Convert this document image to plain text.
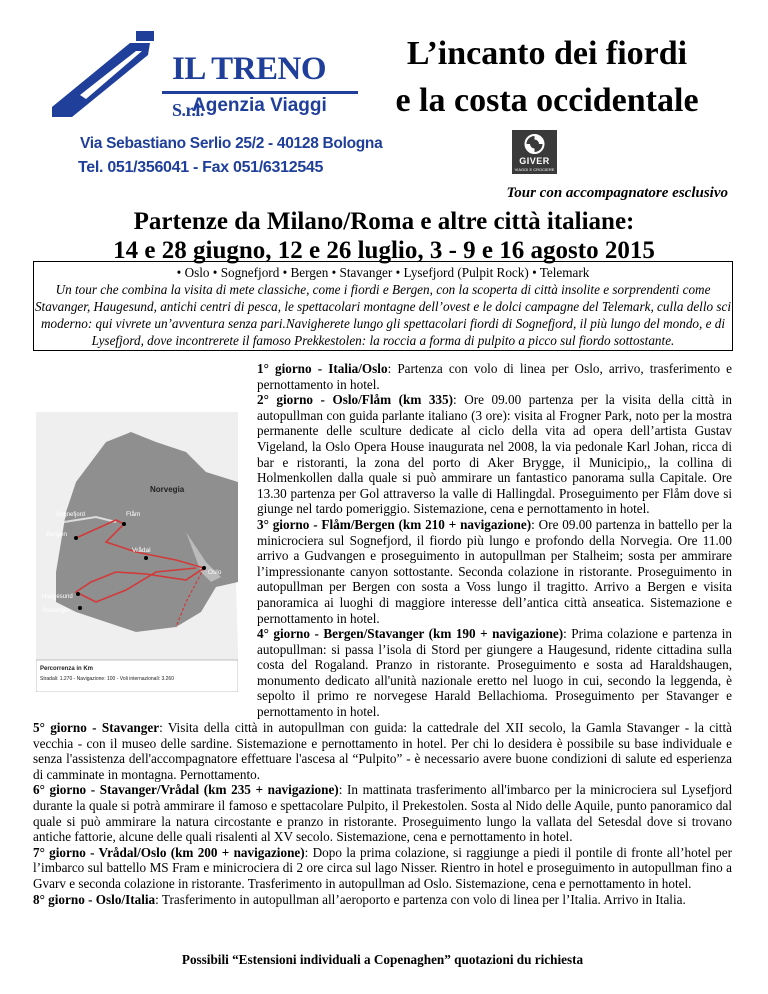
IL TRENO S.r.l.
Agenzia Viaggi
Via Sebastiano Serlio 25/2 - 40128 Bologna
Tel. 051/356041 - Fax 051/6312545
L’incanto dei fiordi
e la costa occidentale
GIVER
VIAGGI E CROCIERE
Tour con accompagnatore esclusivo
Partenze da Milano/Roma e altre città italiane:
14 e 28 giugno, 12 e 26 luglio, 3 - 9 e 16 agosto 2015
• Oslo • Sognefjord • Bergen • Stavanger • Lysefjord (Pulpit Rock) • Telemark
Un tour che combina la visita di mete classiche, come i fiordi e Bergen, con la scoperta di città insolite e sorprendenti come Stavanger, Haugesund, antichi centri di pesca, le spettacolari montagne dell’ovest e le dolci campagne del Telemark, culla dello sci moderno: qui vivrete un’avventura senza pari.Navigherete lungo gli spettacolari fiordi di Sognefjord, il più lungo del mondo, e di Lysefjord, dove incontrerete il famoso Prekkestolen: la roccia a forma di pulpito a picco sul fiordo sottostante.
Norvegia
Sognefjord	Flåm
Bergen
Vrådal
Oslo
Haugesund
Stavanger
Percorrenza in Km
Stradali: 1.270 - Navigazione: 100 - Voli internazionali: 3.260

1° giorno - Italia/Oslo: Partenza con volo di linea per Oslo, arrivo, trasferimento e pernottamento in hotel.

2° giorno - Oslo/Flåm (km 335): Ore 09.00 partenza per la visita della città in autopullman con guida parlante italiano (3 ore): visita al Frogner Park, noto per la mostra permanente delle sculture dedicate al ciclo della vita ad opera dell’artista Gustav Vigeland, la Oslo Opera House inaugurata nel 2008, la via pedonale Karl Johan, ricca di bar e ristoranti, la zona del porto di Aker Brygge, il Municipio,, la collina di Holmenkollen dalla quale si può ammirare un fantastico panorama sulla Capitale. Ore 13.30 partenza per Gol attraverso la valle di Hallingdal. Proseguimento per Flåm dove si giunge nel tardo pomeriggio. Sistemazione, cena e pernottamento in hotel.

3° giorno - Flåm/Bergen (km 210 + navigazione): Ore 09.00 partenza in battello per la minicrociera sul Sognefjord, il fiordo più lungo e profondo della Norvegia. Ore 11.00 arrivo a Gudvangen e proseguimento in autopullman per Stalheim; sosta per ammirare l’impressionante canyon sottostante. Seconda colazione in ristorante. Proseguimento in autopullman per Bergen con sosta a Voss lungo il tragitto. Arrivo a Bergen e visita panoramica ai luoghi di maggiore interesse dell’antica città anseatica. Sistemazione e pernottamento in hotel.

4° giorno - Bergen/Stavanger (km 190 + navigazione): Prima colazione e partenza in autopullman: si passa l’isola di Stord per giungere a Haugesund, ridente cittadina sulla costa del Rogaland. Pranzo in ristorante. Proseguimento e sosta ad Haraldshaugen, monumento dedicato all'unità nazionale eretto nel luogo in cui, secondo la leggenda, è sepolto il primo re norvegese Harald Bellachioma. Proseguimento per Stavanger e pernottamento in hotel.

5° giorno - Stavanger: Visita della città in autopullman con guida: la cattedrale del XII secolo, la Gamla Stavanger - la città vecchia - con il museo delle sardine. Sistemazione e pernottamento in hotel. Per chi lo desidera è possibile su base individuale e senza l'assistenza dell'accompagnatore effettuare l'ascesa al “Pulpito” - è necessario avere buone condizioni di salute ed esperienza di camminate in montagna. Pernottamento.

6° giorno - Stavanger/Vrådal (km 235 + navigazione): In mattinata trasferimento all'imbarco per la minicrociera sul Lysefjord durante la quale si potrà ammirare il famoso e spettacolare Pulpito, il Prekestolen. Sosta al Nido delle Aquile, punto panoramico dal quale si può ammirare la natura circostante e pranzo in ristorante. Proseguimento lungo la vallata del Setesdal dove si trovano antiche fattorie, alcune delle quali risalenti al XV secolo. Sistemazione, cena e pernottamento in hotel.

7° giorno - Vrådal/Oslo (km 200 + navigazione): Dopo la prima colazione, si raggiunge a piedi il pontile di fronte all’hotel per l’imbarco sul battello MS Fram e minicrociera di 2 ore circa sul lago Nisser. Rientro in hotel e proseguimento in autopullman fino a Gvarv e seconda colazione in ristorante. Trasferimento in autopullman ad Oslo. Sistemazione, cena e pernottamento in hotel.

8° giorno - Oslo/Italia: Trasferimento in autopullman all’aeroporto e partenza con volo di linea per l’Italia. Arrivo in Italia.

Possibili “Estensioni individuali a Copenaghen” quotazioni du richiesta
